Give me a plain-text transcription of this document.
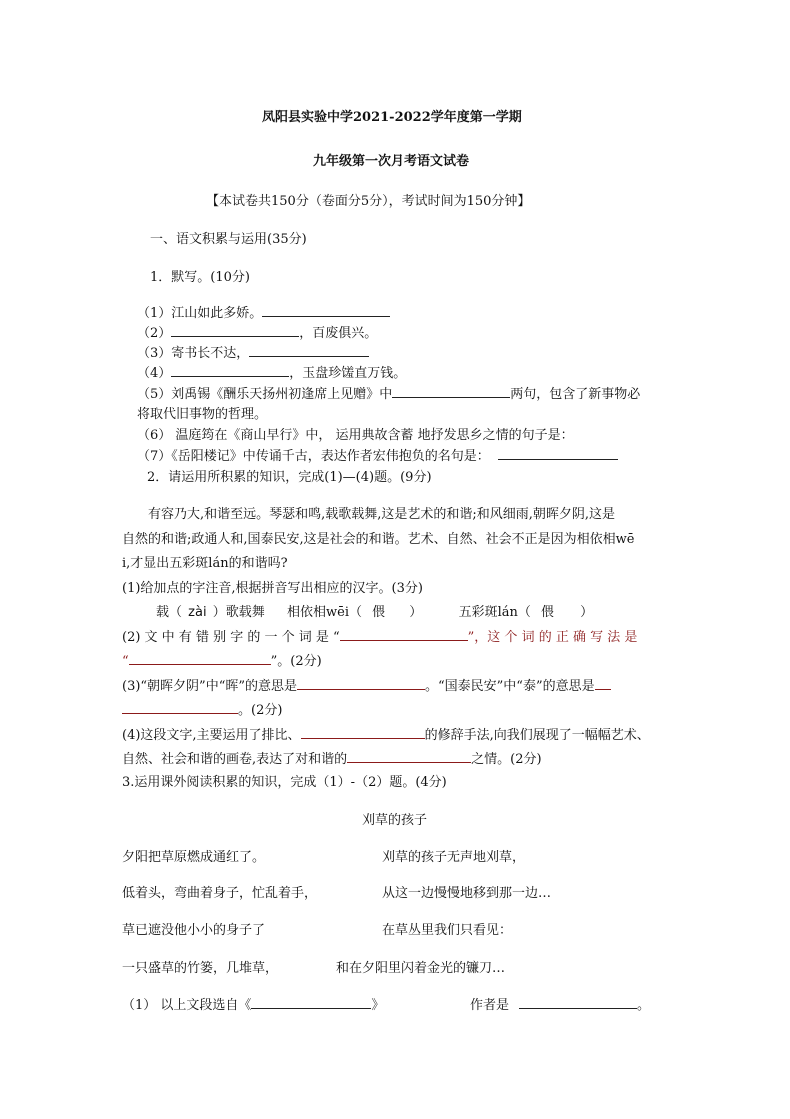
凤阳县实验中学2021-2022学年度第一学期
九年级第一次月考语文试卷
【本试卷共150分（卷面分5分），考试时间为150分钟】
一、语文积累与运用(35分)
1．默写。(10分)
（1）江山如此多娇。
（2）	，百废俱兴。
（3）寄书长不达，
（4）	，玉盘珍馐直万钱。
（5）刘禹锡《酬乐天扬州初逢席上见赠》中	两句，包含了新事物必
将取代旧事物的哲理。
（6） 温庭筠在《商山早行》中， 运用典故含蓄 地抒发思乡之情的句子是：
（7）《岳阳楼记》中传诵千古，表达作者宏伟抱负的名句是：
2．请运用所积累的知识，完成(1)—(4)题。(9分)
有容乃大,和谐至远。琴瑟和鸣,载歌载舞,这是艺术的和谐;和风细雨,朝晖夕阴,这是
自然的和谐;政通人和,国泰民安,这是社会的和谐。艺术、自然、社会不正是因为相依相wē
i,才显出五彩斑lán的和谐吗?
(1)给加点的字注音,根据拼音写出相应的汉字。(3分)
载（ zài ）歌载舞 相依相wēi（ 偎 ）	五彩斑lán（ 偎 ）
(2) 文 中 有 错 别 字 的 一 个 词 是 “	”，这 个 词 的 正 确 写 法 是
“	”。(2分)
(3)“朝晖夕阴”中“晖”的意思是	。“国泰民安”中“泰”的意思是
。(2分)
(4)这段文字,主要运用了排比、	的修辞手法,向我们展现了一幅幅艺术、
自然、社会和谐的画卷,表达了对和谐的	之情。(2分)
3.运用课外阅读积累的知识，完成（1）-（2）题。(4分)
刈草的孩子
夕阳把草原燃成通红了。	刈草的孩子无声地刈草，
低着头，弯曲着身子，忙乱着手，	从这一边慢慢地移到那一边…
草已遮没他小小的身子了	在草丛里我们只看见：
一只盛草的竹篓，几堆草，	和在夕阳里闪着金光的镰刀…
（1） 以上文段选自《	》	作者是	。
